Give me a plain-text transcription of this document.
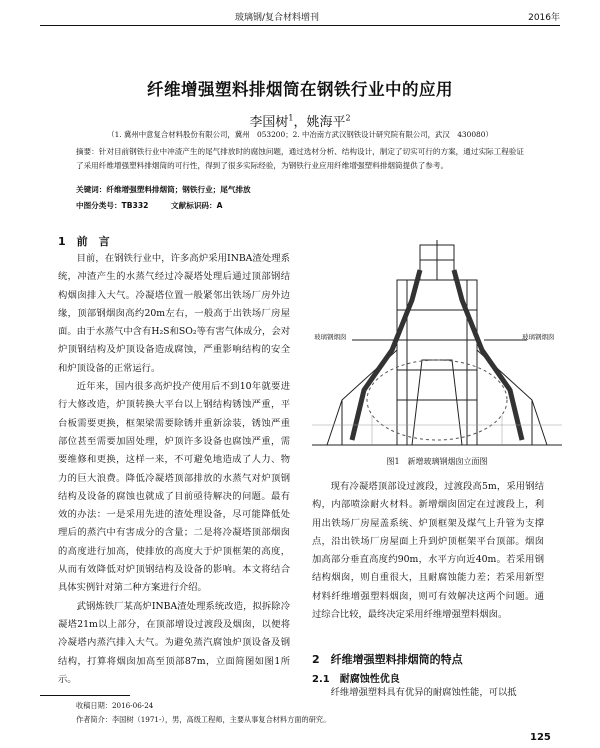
玻璃钢/复合材料增刊	2016年
纤维增强塑料排烟筒在钢铁行业中的应用
李国树$^1$，姚海平$^2$
（1. 冀州中意复合材料股份有限公司，冀州　053200；2. 中冶南方武汉钢铁设计研究院有限公司，武汉　430080）
摘要：针对目前钢铁行业中冲渣产生的尾气排放时的腐蚀问题，通过选材分析、结构设计，制定了切实可行的方案，通过实际工程验证了采用纤维增强塑料排烟筒的可行性，得到了很多实际经验，为钢铁行业应用纤维增强塑料排烟筒提供了参考。
关键词：纤维增强塑料排烟筒；钢铁行业；尾气排放
中图分类号：TB332	文献标识码：A
1　前　言

目前，在钢铁行业中，许多高炉采用INBA渣处理系统，冲渣产生的水蒸气经过冷凝塔处理后通过顶部钢结构烟囱排入大气。冷凝塔位置一般紧邻出铁场厂房外边缘，顶部钢烟囱高约20m左右，一般高于出铁场厂房屋面。由于水蒸气中含有H₂S和SO₂等有害气体成分，会对炉顶钢结构及炉顶设备造成腐蚀，严重影响结构的安全和炉顶设备的正常运行。

近年来，国内很多高炉投产使用后不到10年就要进行大修改造，炉顶转换大平台以上钢结构锈蚀严重，平台板需要更换，框架梁需要除锈并重新涂装，锈蚀严重部位甚至需要加固处理，炉顶许多设备也腐蚀严重，需要维修和更换，这样一来，不可避免地造成了人力、物力的巨大浪费。降低冷凝塔顶部排放的水蒸气对炉顶钢结构及设备的腐蚀也就成了目前亟待解决的问题。最有效的办法：一是采用先进的渣处理设备，尽可能降低处理后的蒸汽中有害成分的含量；二是将冷凝塔顶部烟囱的高度进行加高，使排放的高度大于炉顶框架的高度，从而有效降低对炉顶钢结构及设备的影响。本文将结合具体实例针对第二种方案进行介绍。

武钢炼铁厂某高炉INBA渣处理系统改造，拟拆除冷凝塔21m以上部分，在顶部增设过渡段及烟囱，以便将冷凝塔内蒸汽排入大气。为避免蒸汽腐蚀炉顶设备及钢结构，打算将烟囱加高至顶部87m，立面简图如图1所示。

玻璃钢烟囱	玻璃钢烟囱
图1　新增玻璃钢烟囱立面图

现有冷凝塔顶部设过渡段，过渡段高5m，采用钢结构，内部喷涂耐火材料。新增烟囱固定在过渡段上，利用出铁场厂房屋盖系统、炉顶框架及煤气上升管为支撑点，沿出铁场厂房屋面上升到炉顶框架平台顶部。烟囱加高部分垂直高度约90m，水平方向近40m。若采用钢结构烟囱，则自重很大，且耐腐蚀能力差；若采用新型材料纤维增强塑料烟囱，则可有效解决这两个问题。通过综合比较，最终决定采用纤维增强塑料烟囱。

2　纤维增强塑料排烟筒的特点
2.1　耐腐蚀性优良

纤维增强塑料具有优异的耐腐蚀性能，可以抵

收稿日期：2016-06-24
作者简介：李国树（1971-），男，高级工程师，主要从事复合材料方面的研究。
125
